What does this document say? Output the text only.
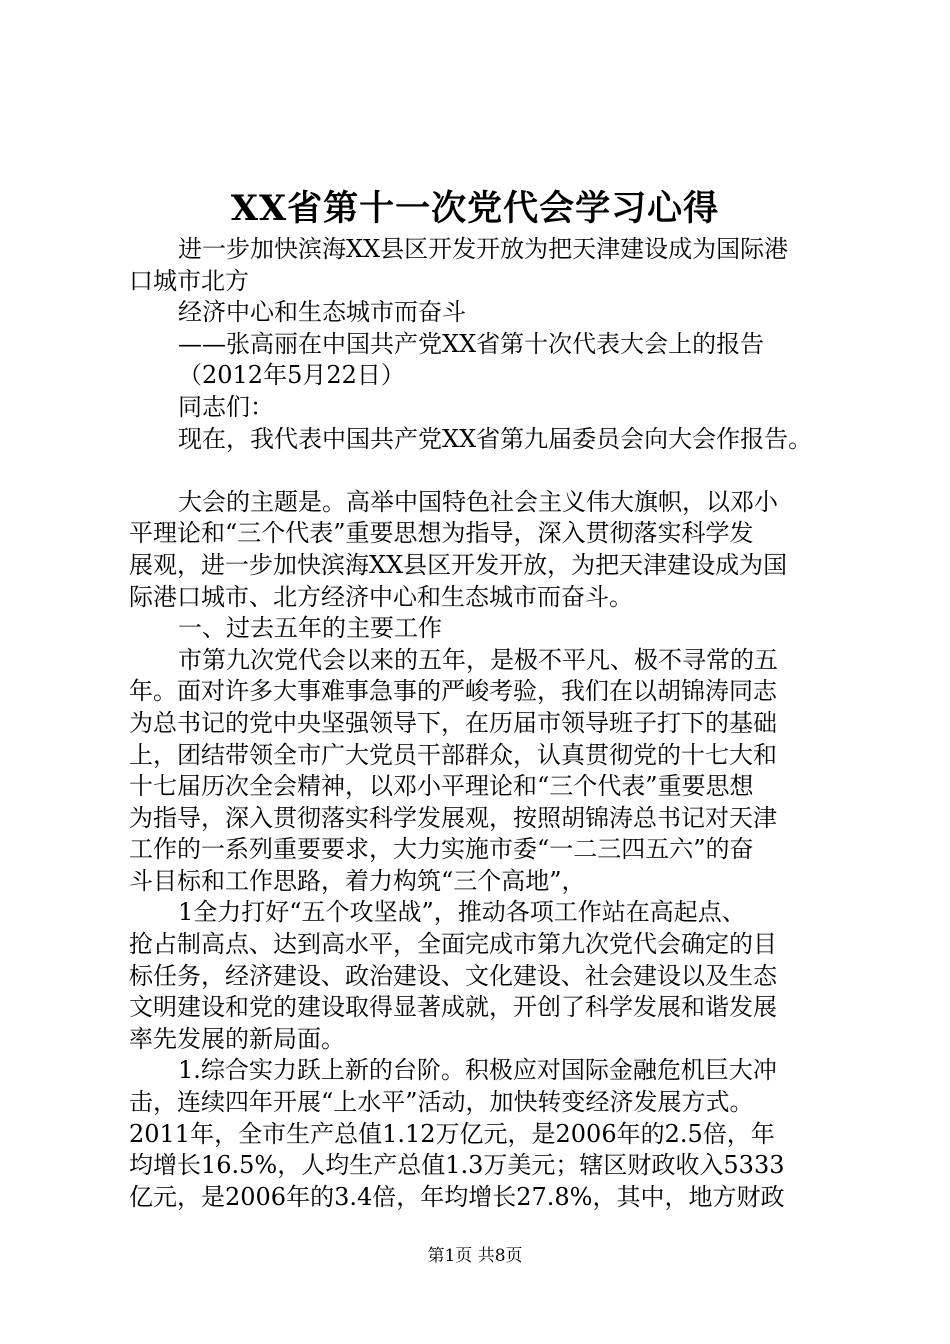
XX省第十一次党代会学习心得

进一步加快滨海XX县区开发开放为把天津建设成为国际港

口城市北方

经济中心和生态城市而奋斗

——张高丽在中国共产党XX省第十次代表大会上的报告

（2012年5月22日）

同志们：

现在，我代表中国共产党XX省第九届委员会向大会作报告。

大会的主题是。高举中国特色社会主义伟大旗帜，以邓小

平理论和“三个代表”重要思想为指导，深入贯彻落实科学发

展观，进一步加快滨海XX县区开发开放，为把天津建设成为国

际港口城市、北方经济中心和生态城市而奋斗。

一、过去五年的主要工作

市第九次党代会以来的五年，是极不平凡、极不寻常的五

年。面对许多大事难事急事的严峻考验，我们在以胡锦涛同志

为总书记的党中央坚强领导下，在历届市领导班子打下的基础

上，团结带领全市广大党员干部群众，认真贯彻党的十七大和

十七届历次全会精神，以邓小平理论和“三个代表”重要思想

为指导，深入贯彻落实科学发展观，按照胡锦涛总书记对天津

工作的一系列重要要求，大力实施市委“一二三四五六”的奋

斗目标和工作思路，着力构筑“三个高地”，

1全力打好“五个攻坚战”，推动各项工作站在高起点、

抢占制高点、达到高水平，全面完成市第九次党代会确定的目

标任务，经济建设、政治建设、文化建设、社会建设以及生态

文明建设和党的建设取得显著成就，开创了科学发展和谐发展

率先发展的新局面。

1.综合实力跃上新的台阶。积极应对国际金融危机巨大冲

击，连续四年开展“上水平”活动，加快转变经济发展方式。

2011年，全市生产总值1.12万亿元，是2006年的2.5倍，年

均增长16.5%，人均生产总值1.3万美元；辖区财政收入5333

亿元，是2006年的3.4倍，年均增长27.8%，其中，地方财政

第1页 共8页
